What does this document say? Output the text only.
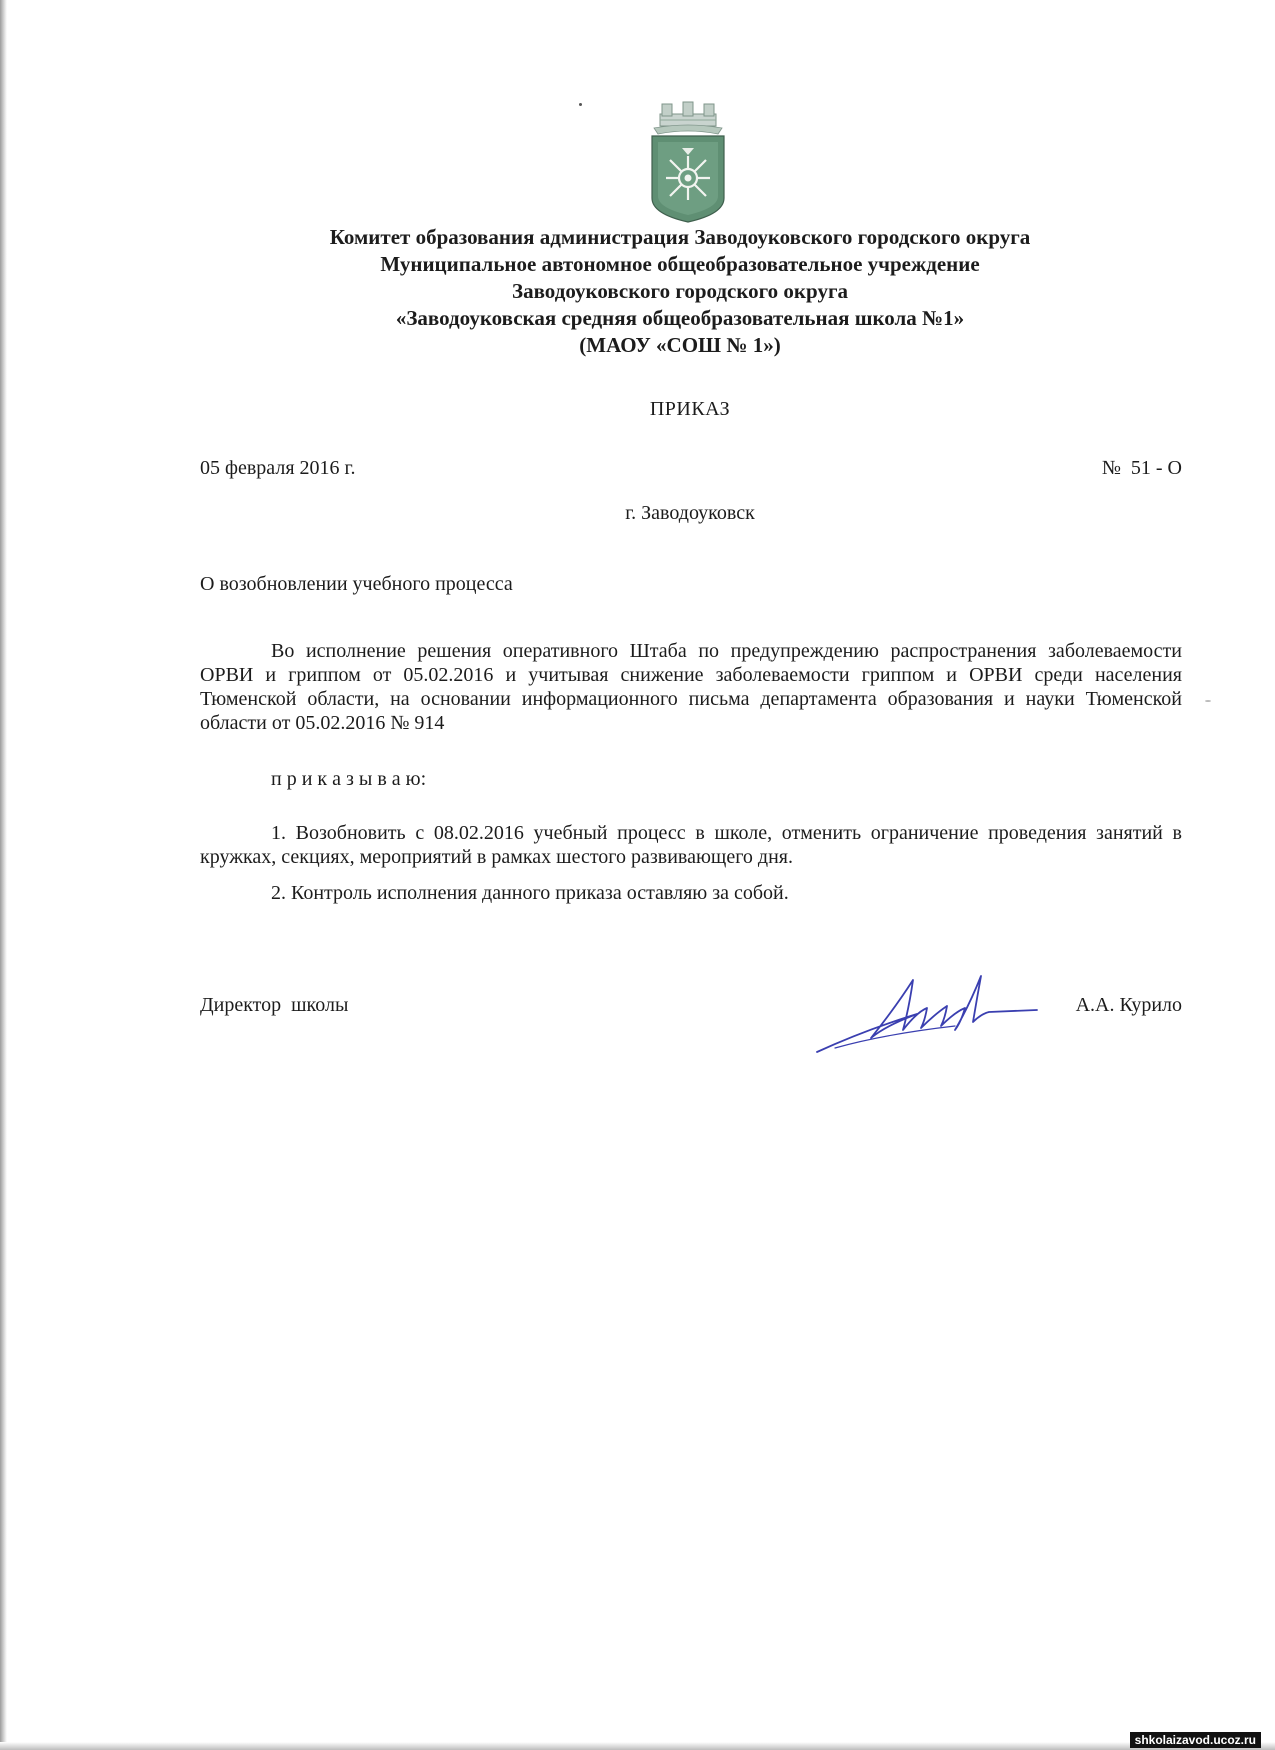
Комитет образования администрация Заводоуковского городского округа
Муниципальное автономное общеобразовательное учреждение
Заводоуковского городского округа
«Заводоуковская средняя общеобразовательная школа №1»
(МАОУ «СОШ № 1»)
ПРИКАЗ
05 февраля 2016 г.	№  51 - О
г. Заводоуковск
О возобновлении учебного процесса

Во исполнение решения оперативного Штаба по предупреждению распространения заболеваемости ОРВИ и гриппом от 05.02.2016 и учитывая снижение заболеваемости гриппом и ОРВИ среди населения Тюменской области, на основании информационного письма департамента образования и науки Тюменской области от 05.02.2016 № 914

п р и к а з ы в а ю:

1. Возобновить с 08.02.2016 учебный процесс в школе, отменить ограничение проведения занятий в кружках, секциях, мероприятий в рамках шестого развивающего дня.

2. Контроль исполнения данного приказа оставляю за собой.

Директор  школы	А.А. Курило
shkolaizavod.ucoz.ru
